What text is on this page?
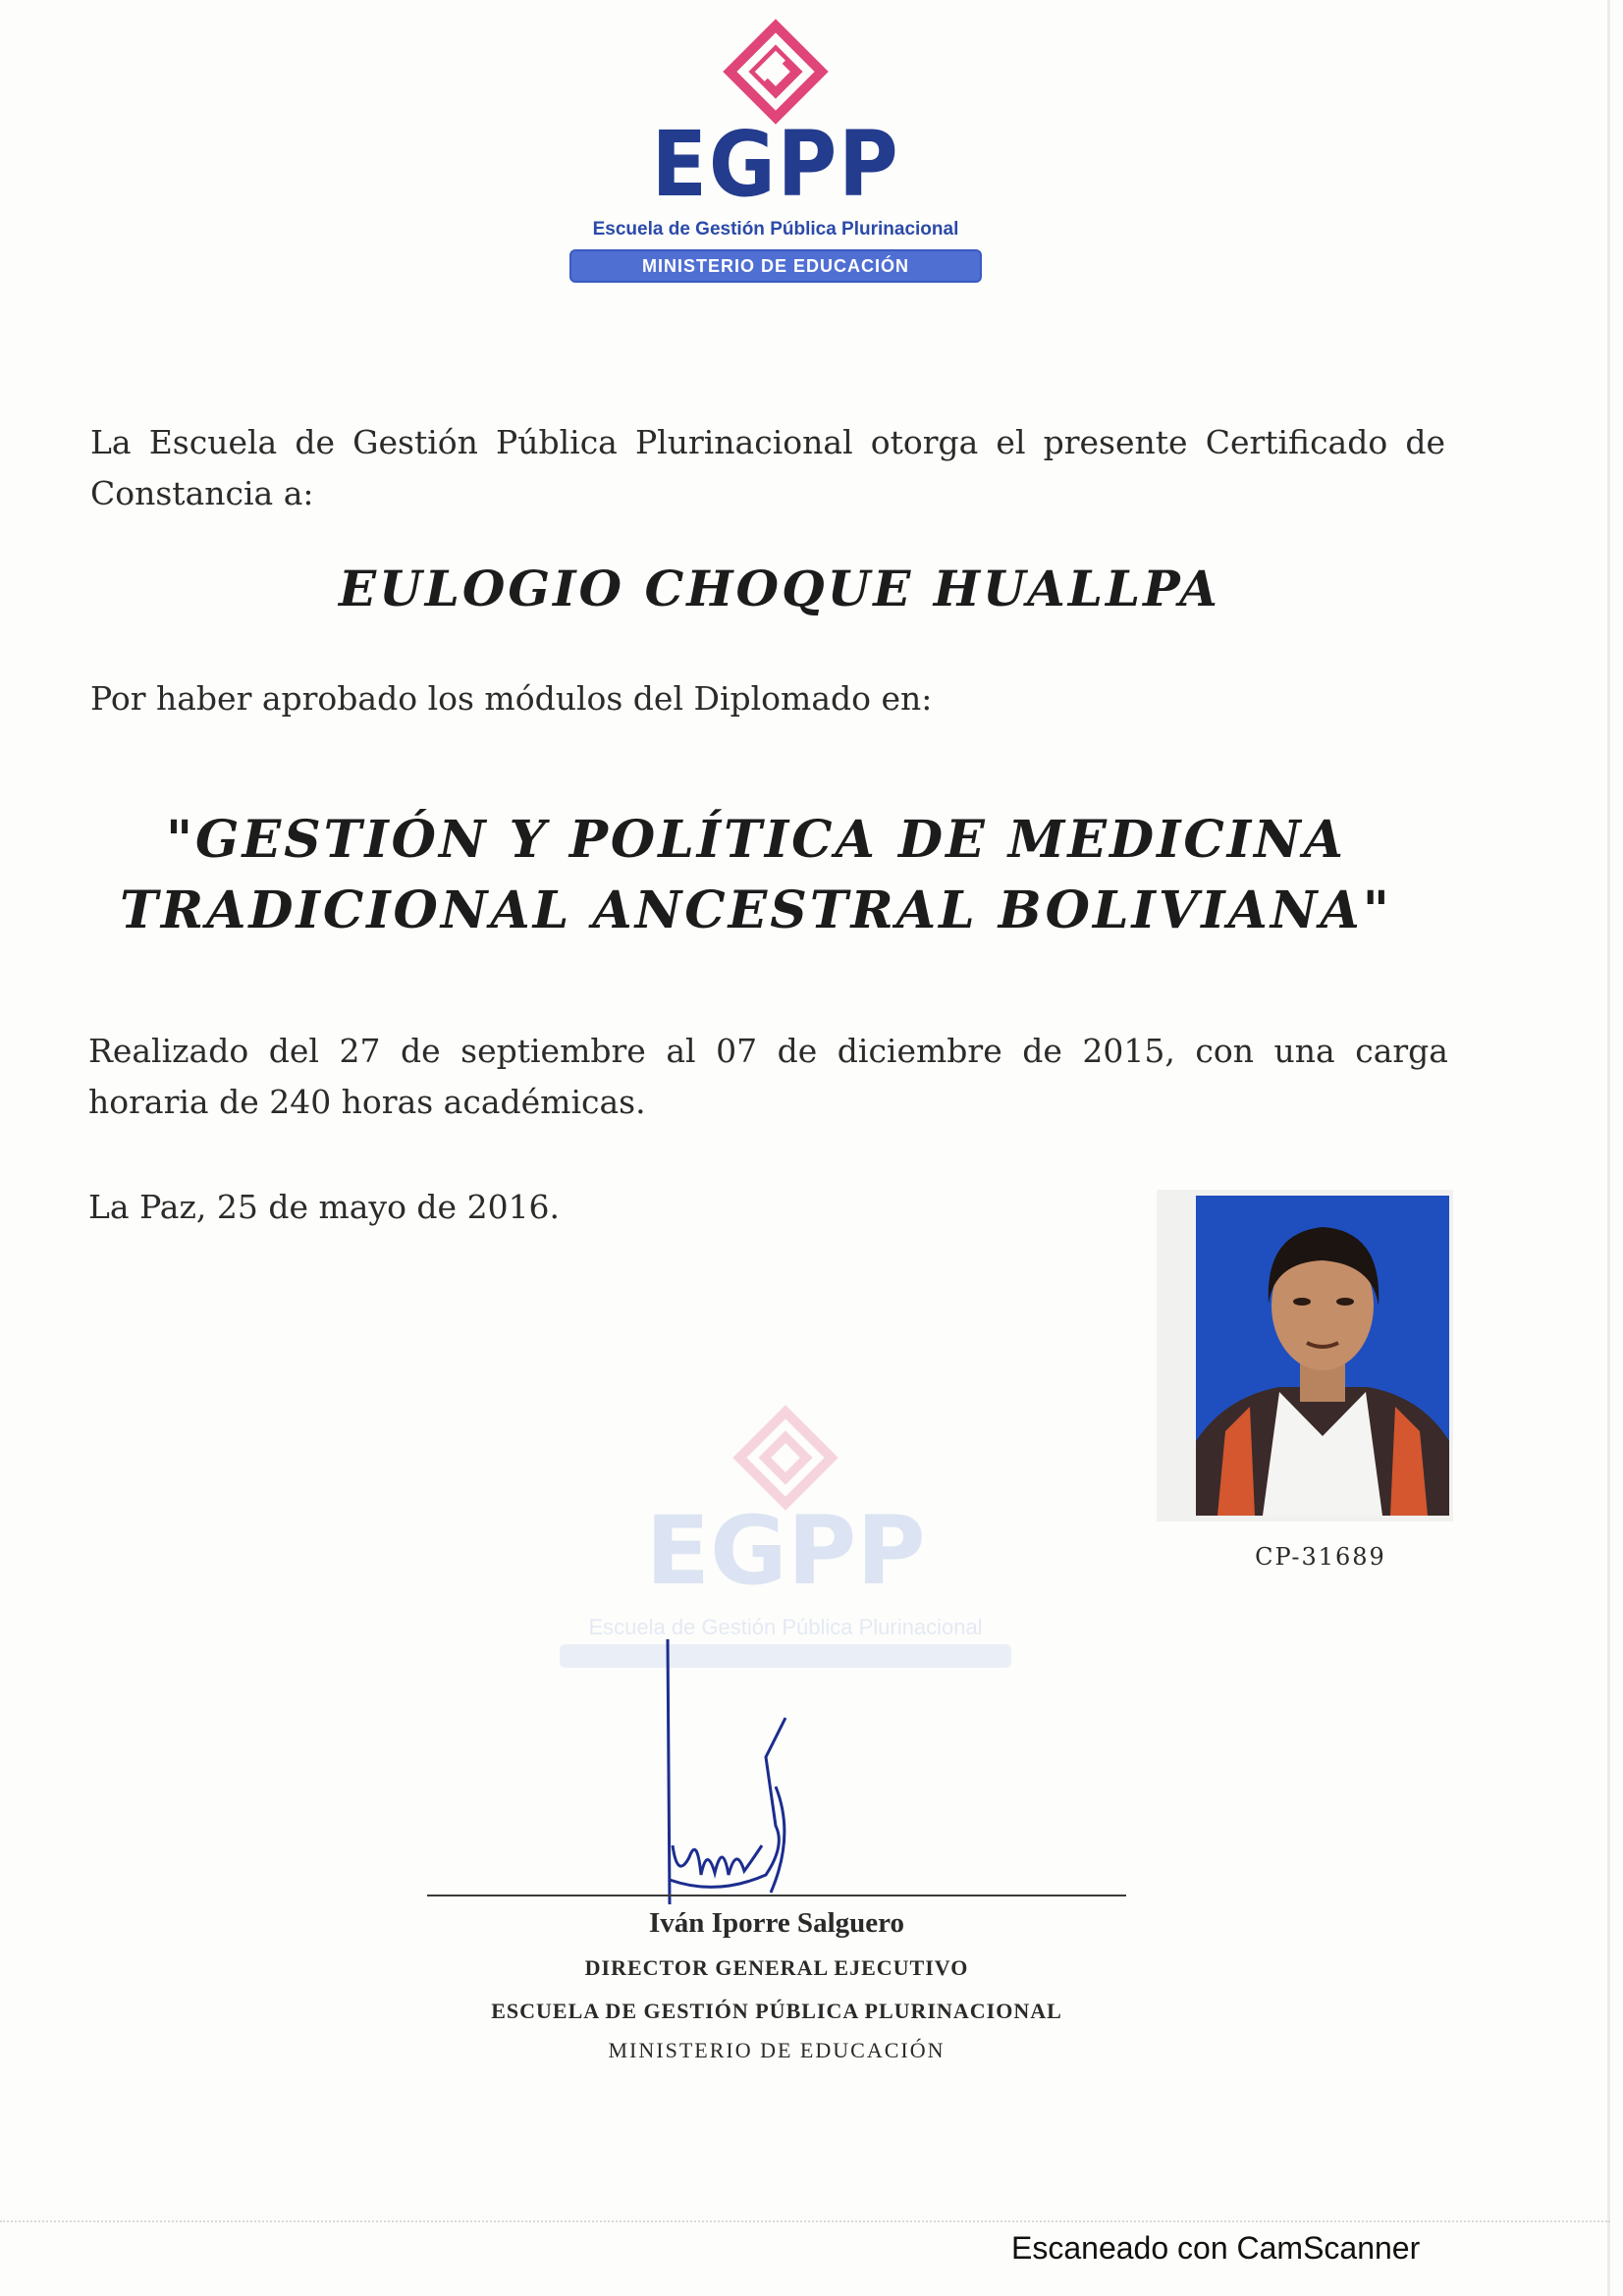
EGPP
Escuela de Gestión Pública Plurinacional
MINISTERIO DE EDUCACIÓN
La Escuela de Gestión Pública Plurinacional otorga el presente Certificado de Constancia a:
EULOGIO CHOQUE HUALLPA
Por haber aprobado los módulos del Diplomado en:
"GESTIÓN Y POLÍTICA DE MEDICINA
TRADICIONAL ANCESTRAL BOLIVIANA"
Realizado del 27 de septiembre al 07 de diciembre de 2015, con una carga horaria de 240 horas académicas.
La Paz, 25 de mayo de 2016.
CP-31689
EGPP
Escuela de Gestión Pública Plurinacional
Iván Iporre Salguero
DIRECTOR GENERAL EJECUTIVO
ESCUELA DE GESTIÓN PÚBLICA PLURINACIONAL
MINISTERIO DE EDUCACIÓN
Escaneado con CamScanner
